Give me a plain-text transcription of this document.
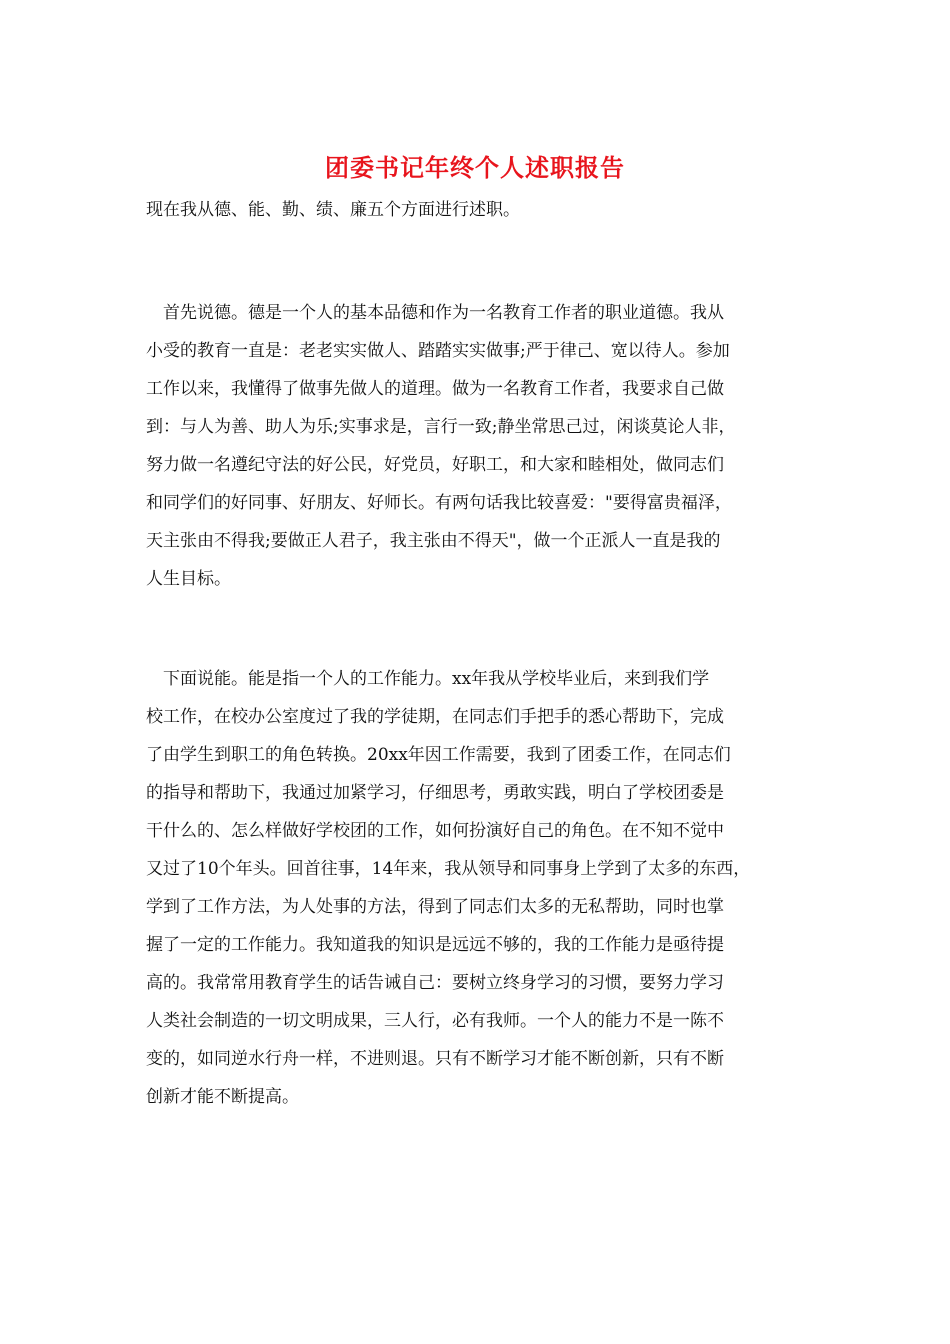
团委书记年终个人述职报告
现在我从德、能、勤、绩、廉五个方面进行述职。
　首先说德。德是一个人的基本品德和作为一名教育工作者的职业道德。我从
小受的教育一直是：老老实实做人、踏踏实实做事;严于律己、宽以待人。参加
工作以来，我懂得了做事先做人的道理。做为一名教育工作者，我要求自己做
到：与人为善、助人为乐;实事求是，言行一致;静坐常思己过，闲谈莫论人非，
努力做一名遵纪守法的好公民，好党员，好职工，和大家和睦相处，做同志们
和同学们的好同事、好朋友、好师长。有两句话我比较喜爱："要得富贵福泽，
天主张由不得我;要做正人君子，我主张由不得天"，做一个正派人一直是我的
人生目标。
　下面说能。能是指一个人的工作能力。xx年我从学校毕业后，来到我们学
校工作，在校办公室度过了我的学徒期，在同志们手把手的悉心帮助下，完成
了由学生到职工的角色转换。20xx年因工作需要，我到了团委工作，在同志们
的指导和帮助下，我通过加紧学习，仔细思考，勇敢实践，明白了学校团委是
干什么的、怎么样做好学校团的工作，如何扮演好自己的角色。在不知不觉中
又过了10个年头。回首往事，14年来，我从领导和同事身上学到了太多的东西，
学到了工作方法，为人处事的方法，得到了同志们太多的无私帮助，同时也掌
握了一定的工作能力。我知道我的知识是远远不够的，我的工作能力是亟待提
高的。我常常用教育学生的话告诫自己：要树立终身学习的习惯，要努力学习
人类社会制造的一切文明成果，三人行，必有我师。一个人的能力不是一陈不
变的，如同逆水行舟一样，不进则退。只有不断学习才能不断创新，只有不断
创新才能不断提高。
